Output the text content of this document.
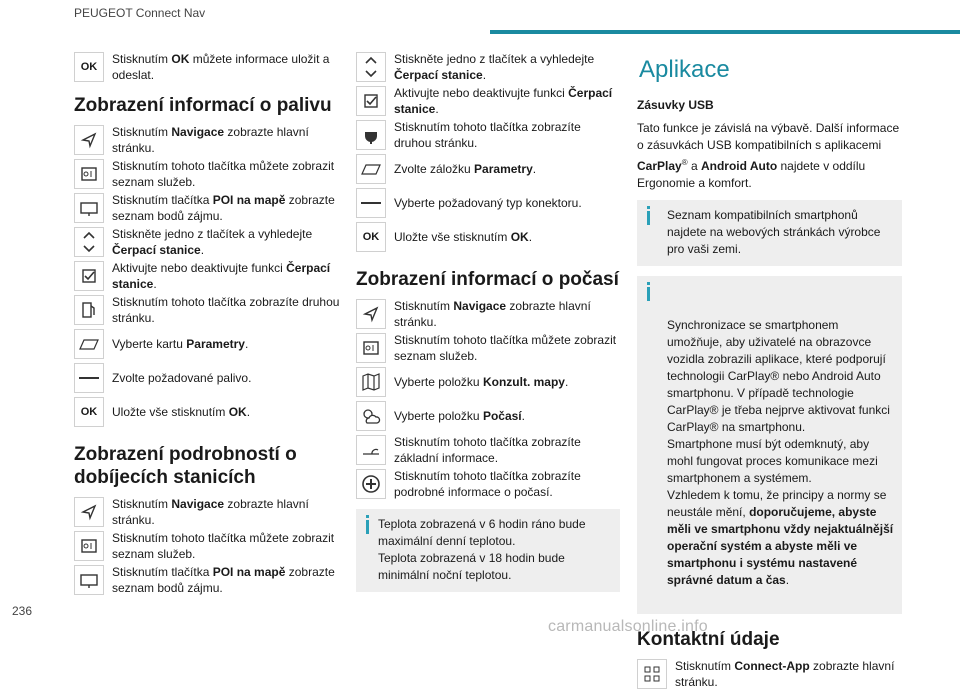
PEUGEOT Connect Nav
236
carmanualsonline.info
OK
Stisknutím OK můžete informace uložit a odeslat.
Zobrazení informací o palivu
Stisknutím Navigace zobrazte hlavní stránku.
Stisknutím tohoto tlačítka můžete zobrazit seznam služeb.
Stisknutím tlačítka POI na mapě zobrazte seznam bodů zájmu.
Stiskněte jedno z tlačítek a vyhledejte Čerpací stanice.
Aktivujte nebo deaktivujte funkci Čerpací stanice.
Stisknutím tohoto tlačítka zobrazíte druhou stránku.
Vyberte kartu Parametry.
Zvolte požadované palivo.
OK Uložte vše stisknutím OK.
Zobrazení podrobností o dobíjecích stanicích
Stisknutím Navigace zobrazte hlavní stránku.
Stisknutím tohoto tlačítka můžete zobrazit seznam služeb.
Stisknutím tlačítka POI na mapě zobrazte seznam bodů zájmu.
Stiskněte jedno z tlačítek a vyhledejte Čerpací stanice.
Aktivujte nebo deaktivujte funkci Čerpací stanice.
Stisknutím tohoto tlačítka zobrazíte druhou stránku.
Zvolte záložku Parametry.
Vyberte požadovaný typ konektoru.
OK Uložte vše stisknutím OK.
Zobrazení informací o počasí
Stisknutím Navigace zobrazte hlavní stránku.
Stisknutím tohoto tlačítka můžete zobrazit seznam služeb.
Vyberte položku Konzult. mapy.
Vyberte položku Počasí.
Stisknutím tohoto tlačítka zobrazíte základní informace.
Stisknutím tohoto tlačítka zobrazíte podrobné informace o počasí.
Teplota zobrazená v 6 hodin ráno bude maximální denní teplotou.
Teplota zobrazená v 18 hodin bude minimální noční teplotou.
Aplikace
Zásuvky USB
Tato funkce je závislá na výbavě. Další informace o zásuvkách USB kompatibilních s aplikacemi CarPlay® a Android Auto najdete v oddílu Ergonomie a komfort.
Seznam kompatibilních smartphonů najdete na webových stránkách výrobce pro vaši zemi.

Synchronizace se smartphonem umožňuje, aby uživatelé na obrazovce vozidla zobrazili aplikace, které podporují technologii CarPlay® nebo Android Auto smartphonu. V případě technologie CarPlay® je třeba nejprve aktivovat funkci CarPlay® na smartphonu.
Smartphone musí být odemknutý, aby mohl fungovat proces komunikace mezi smartphonem a systémem.
Vzhledem k tomu, že principy a normy se neustále mění, doporučujeme, abyste měli ve smartphonu vždy nejaktuálnější operační systém a abyste měli ve smartphonu i systému nastavené správné datum a čas.

Kontaktní údaje
Stisknutím Connect-App zobrazte hlavní stránku.
